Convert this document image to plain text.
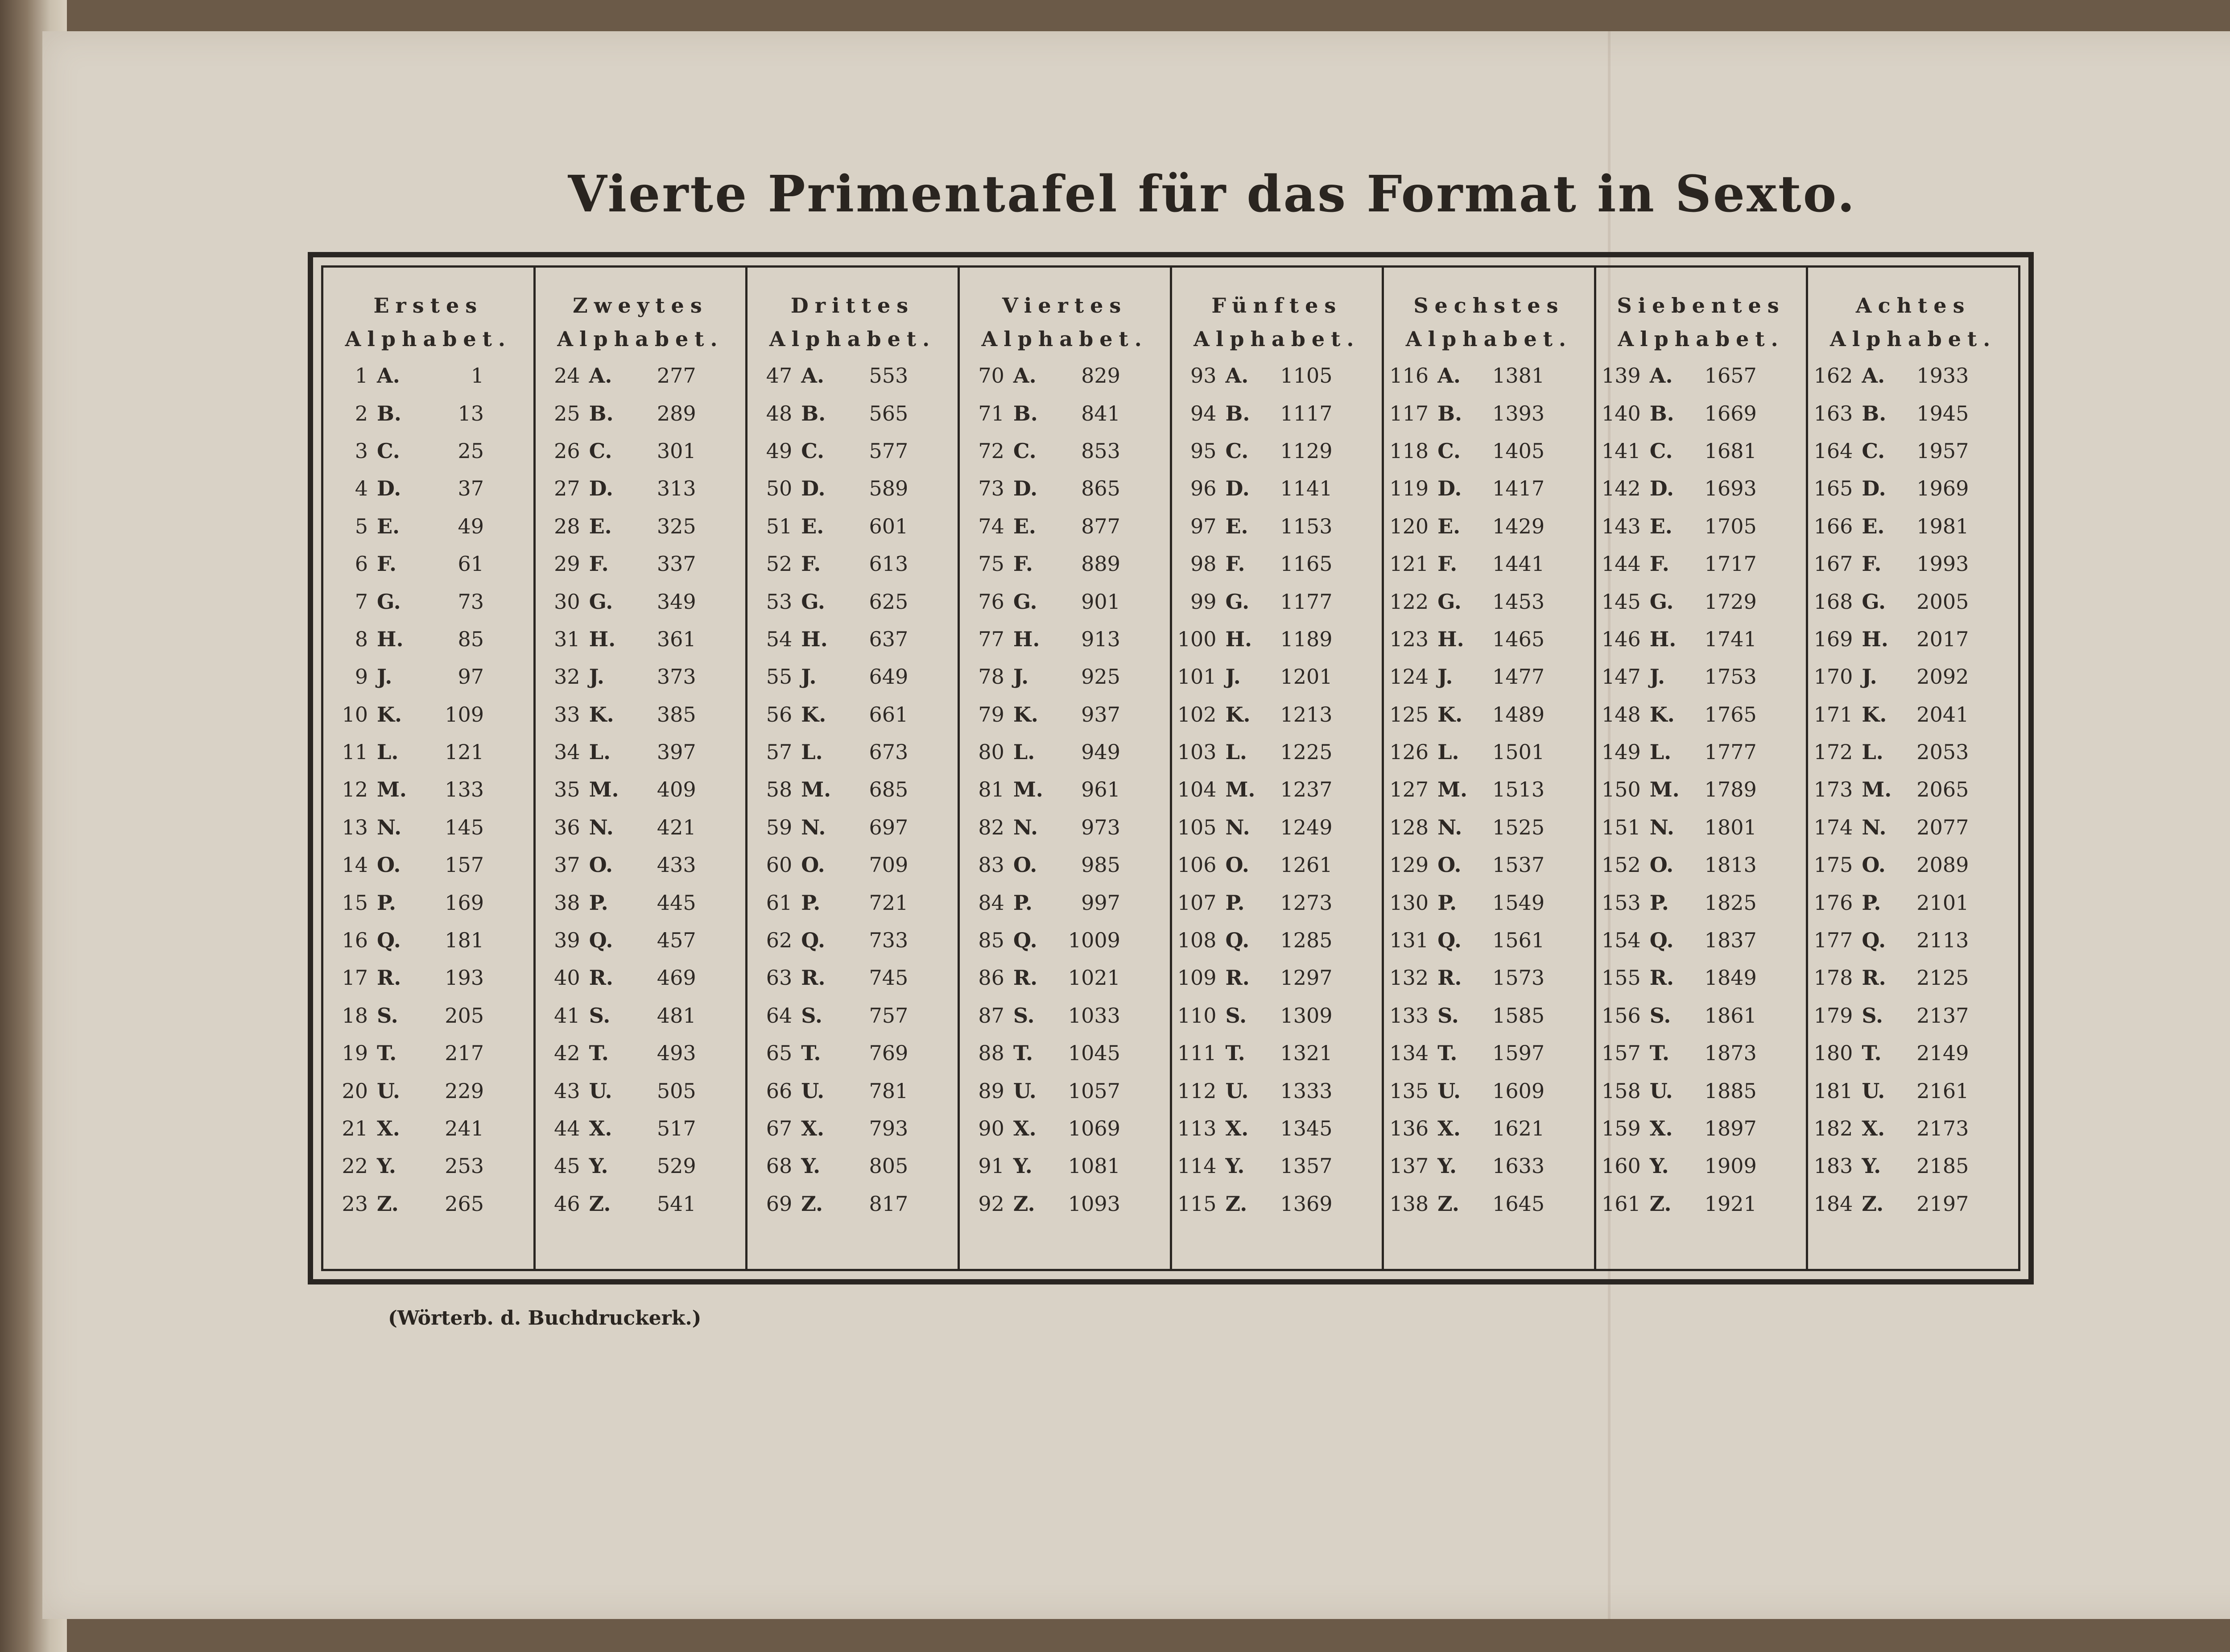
Vierte Primentafel für das Format in Sexto.
Erstes
Alphabet.
1 A.	1
2 B.	13
3 C.	25
4 D.	37
5 E.	49
6 F.	61
7 G.	73
8 H.	85
9 J.	97
10 K.	109
11 L.	121
12 M.	133
13 N.	145
14 O.	157
15 P.	169
16 Q.	181
17 R.	193
18 S.	205
19 T.	217
20 U.	229
21 X.	241
22 Y.	253
23 Z.	265
Zweytes
Alphabet.
24 A.	277
25 B.	289
26 C.	301
27 D.	313
28 E.	325
29 F.	337
30 G.	349
31 H.	361
32 J.	373
33 K.	385
34 L.	397
35 M.	409
36 N.	421
37 O.	433
38 P.	445
39 Q.	457
40 R.	469
41 S.	481
42 T.	493
43 U.	505
44 X.	517
45 Y.	529
46 Z.	541
Drittes
Alphabet.
47 A.	553
48 B.	565
49 C.	577
50 D.	589
51 E.	601
52 F.	613
53 G.	625
54 H.	637
55 J.	649
56 K.	661
57 L.	673
58 M.	685
59 N.	697
60 O.	709
61 P.	721
62 Q.	733
63 R.	745
64 S.	757
65 T.	769
66 U.	781
67 X.	793
68 Y.	805
69 Z.	817
Viertes
Alphabet.
70 A.	829
71 B.	841
72 C.	853
73 D.	865
74 E.	877
75 F.	889
76 G.	901
77 H.	913
78 J.	925
79 K.	937
80 L.	949
81 M.	961
82 N.	973
83 O.	985
84 P.	997
85 Q.	1009
86 R.	1021
87 S.	1033
88 T.	1045
89 U.	1057
90 X.	1069
91 Y.	1081
92 Z.	1093
Fünftes
Alphabet.
93 A.	1105
94 B.	1117
95 C.	1129
96 D.	1141
97 E.	1153
98 F.	1165
99 G.	1177
100 H.	1189
101 J.	1201
102 K.	1213
103 L.	1225
104 M.	1237
105 N.	1249
106 O.	1261
107 P.	1273
108 Q.	1285
109 R.	1297
110 S.	1309
111 T.	1321
112 U.	1333
113 X.	1345
114 Y.	1357
115 Z.	1369
Sechstes
Alphabet.
116 A.	1381
117 B.	1393
118 C.	1405
119 D.	1417
120 E.	1429
121 F.	1441
122 G.	1453
123 H.	1465
124 J.	1477
125 K.	1489
126 L.	1501
127 M.	1513
128 N.	1525
129 O.	1537
130 P.	1549
131 Q.	1561
132 R.	1573
133 S.	1585
134 T.	1597
135 U.	1609
136 X.	1621
137 Y.	1633
138 Z.	1645
Siebentes
Alphabet.
139 A.	1657
140 B.	1669
141 C.	1681
142 D.	1693
143 E.	1705
144 F.	1717
145 G.	1729
146 H.	1741
147 J.	1753
148 K.	1765
149 L.	1777
150 M.	1789
151 N.	1801
152 O.	1813
153 P.	1825
154 Q.	1837
155 R.	1849
156 S.	1861
157 T.	1873
158 U.	1885
159 X.	1897
160 Y.	1909
161 Z.	1921
Achtes
Alphabet.
162 A.	1933
163 B.	1945
164 C.	1957
165 D.	1969
166 E.	1981
167 F.	1993
168 G.	2005
169 H.	2017
170 J.	2092
171 K.	2041
172 L.	2053
173 M.	2065
174 N.	2077
175 O.	2089
176 P.	2101
177 Q.	2113
178 R.	2125
179 S.	2137
180 T.	2149
181 U.	2161
182 X.	2173
183 Y.	2185
184 Z.	2197
(Wörterb. d. Buchdruckerk.)
